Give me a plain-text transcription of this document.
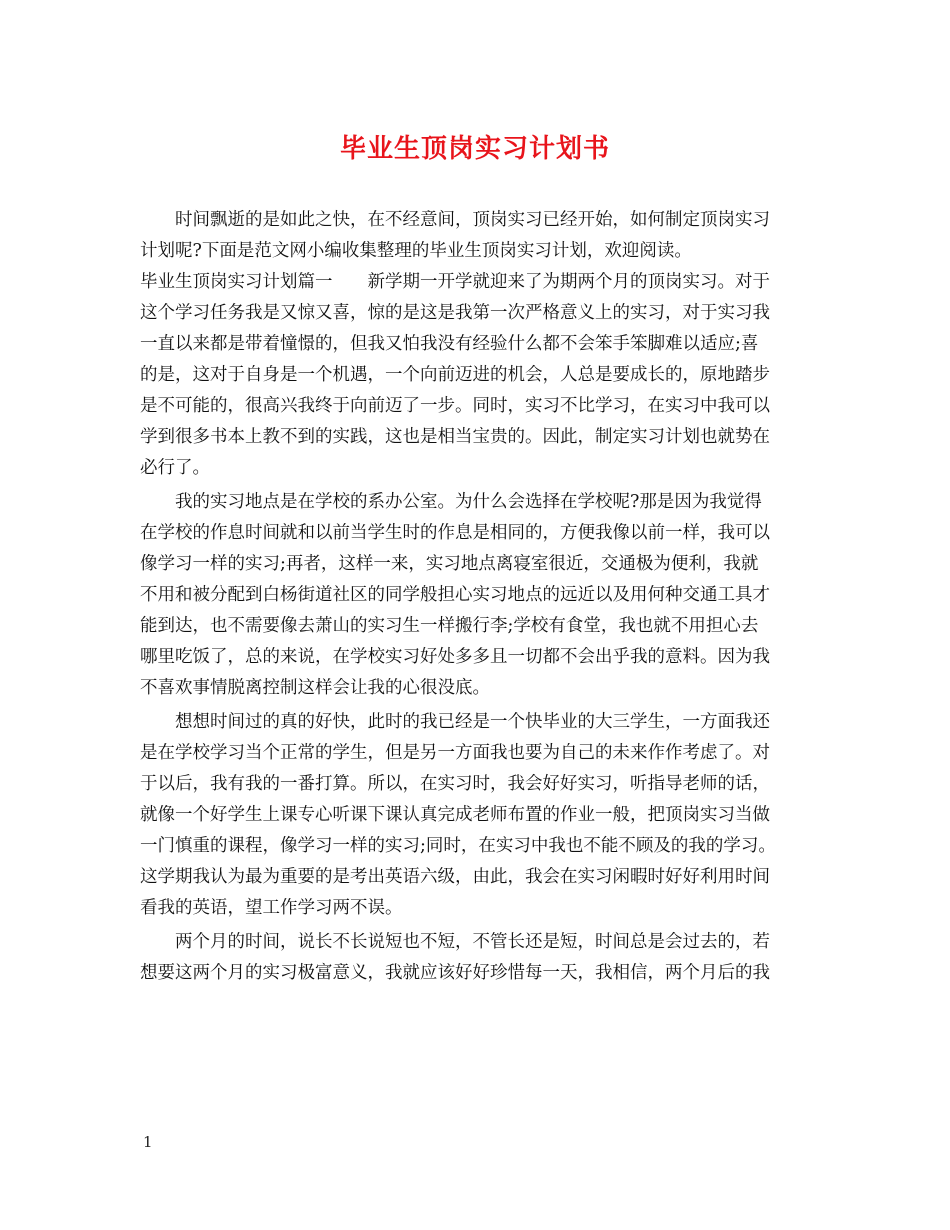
毕业生顶岗实习计划书
时间飘逝的是如此之快，在不经意间，顶岗实习已经开始，如何制定顶岗实习
计划呢?下面是范文网小编收集整理的毕业生顶岗实习计划，欢迎阅读。
毕业生顶岗实习计划篇一　　新学期一开学就迎来了为期两个月的顶岗实习。对于
这个学习任务我是又惊又喜，惊的是这是我第一次严格意义上的实习，对于实习我
一直以来都是带着憧憬的，但我又怕我没有经验什么都不会笨手笨脚难以适应;喜
的是，这对于自身是一个机遇，一个向前迈进的机会，人总是要成长的，原地踏步
是不可能的，很高兴我终于向前迈了一步。同时，实习不比学习，在实习中我可以
学到很多书本上教不到的实践，这也是相当宝贵的。因此，制定实习计划也就势在
必行了。
我的实习地点是在学校的系办公室。为什么会选择在学校呢?那是因为我觉得
在学校的作息时间就和以前当学生时的作息是相同的，方便我像以前一样，我可以
像学习一样的实习;再者，这样一来，实习地点离寝室很近，交通极为便利，我就
不用和被分配到白杨街道社区的同学般担心实习地点的远近以及用何种交通工具才
能到达，也不需要像去萧山的实习生一样搬行李;学校有食堂，我也就不用担心去
哪里吃饭了，总的来说，在学校实习好处多多且一切都不会出乎我的意料。因为我
不喜欢事情脱离控制这样会让我的心很没底。
想想时间过的真的好快，此时的我已经是一个快毕业的大三学生，一方面我还
是在学校学习当个正常的学生，但是另一方面我也要为自己的未来作作考虑了。对
于以后，我有我的一番打算。所以，在实习时，我会好好实习，听指导老师的话，
就像一个好学生上课专心听课下课认真完成老师布置的作业一般，把顶岗实习当做
一门慎重的课程，像学习一样的实习;同时，在实习中我也不能不顾及的我的学习。
这学期我认为最为重要的是考出英语六级，由此，我会在实习闲暇时好好利用时间
看我的英语，望工作学习两不误。
两个月的时间，说长不长说短也不短，不管长还是短，时间总是会过去的，若
想要这两个月的实习极富意义，我就应该好好珍惜每一天，我相信，两个月后的我
1
